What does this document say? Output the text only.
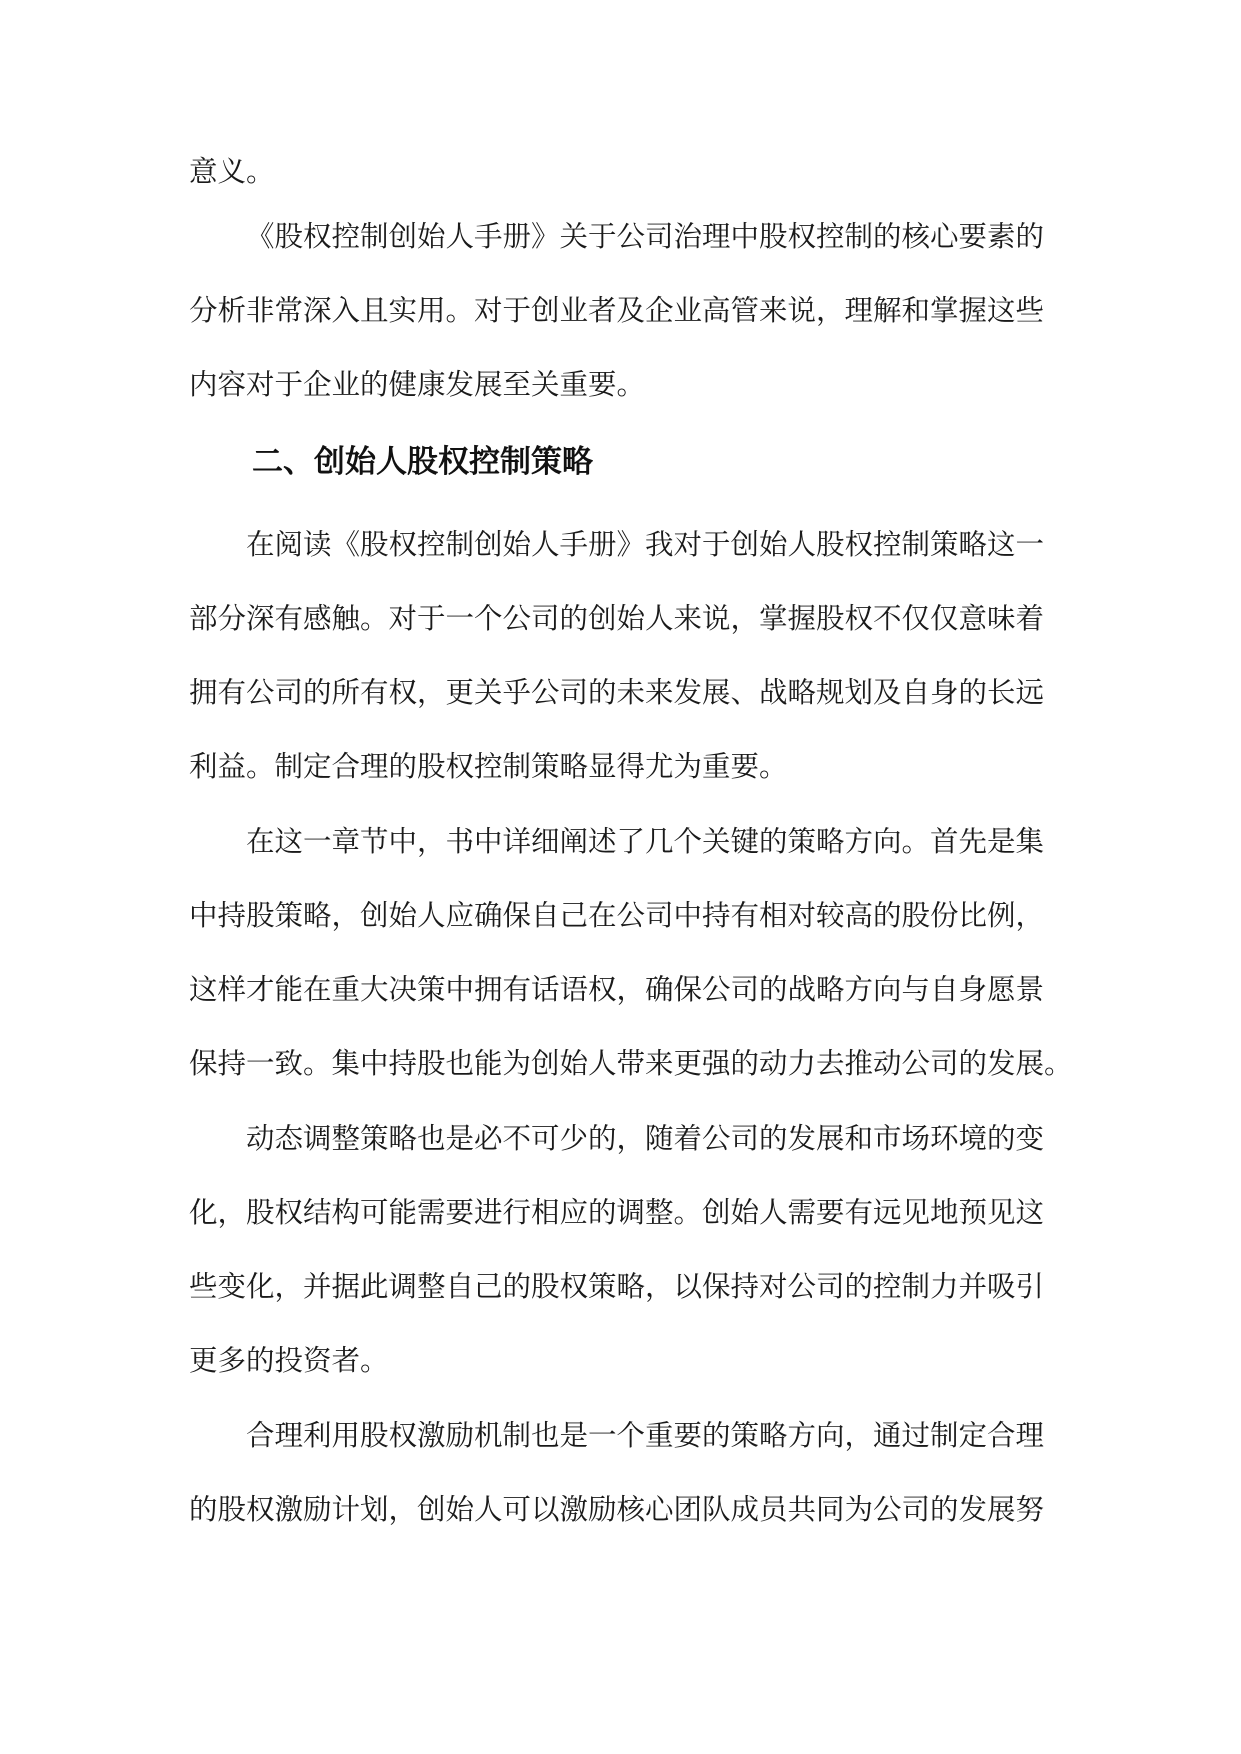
意义。
《股权控制创始人手册》关于公司治理中股权控制的核心要素的
分析非常深入且实用。对于创业者及企业高管来说，理解和掌握这些
内容对于企业的健康发展至关重要。
二、创始人股权控制策略
在阅读《股权控制创始人手册》我对于创始人股权控制策略这一
部分深有感触。对于一个公司的创始人来说，掌握股权不仅仅意味着
拥有公司的所有权，更关乎公司的未来发展、战略规划及自身的长远
利益。制定合理的股权控制策略显得尤为重要。
在这一章节中，书中详细阐述了几个关键的策略方向。首先是集
中持股策略，创始人应确保自己在公司中持有相对较高的股份比例，
这样才能在重大决策中拥有话语权，确保公司的战略方向与自身愿景
保持一致。集中持股也能为创始人带来更强的动力去推动公司的发展。
动态调整策略也是必不可少的，随着公司的发展和市场环境的变
化，股权结构可能需要进行相应的调整。创始人需要有远见地预见这
些变化，并据此调整自己的股权策略，以保持对公司的控制力并吸引
更多的投资者。
合理利用股权激励机制也是一个重要的策略方向，通过制定合理
的股权激励计划，创始人可以激励核心团队成员共同为公司的发展努
